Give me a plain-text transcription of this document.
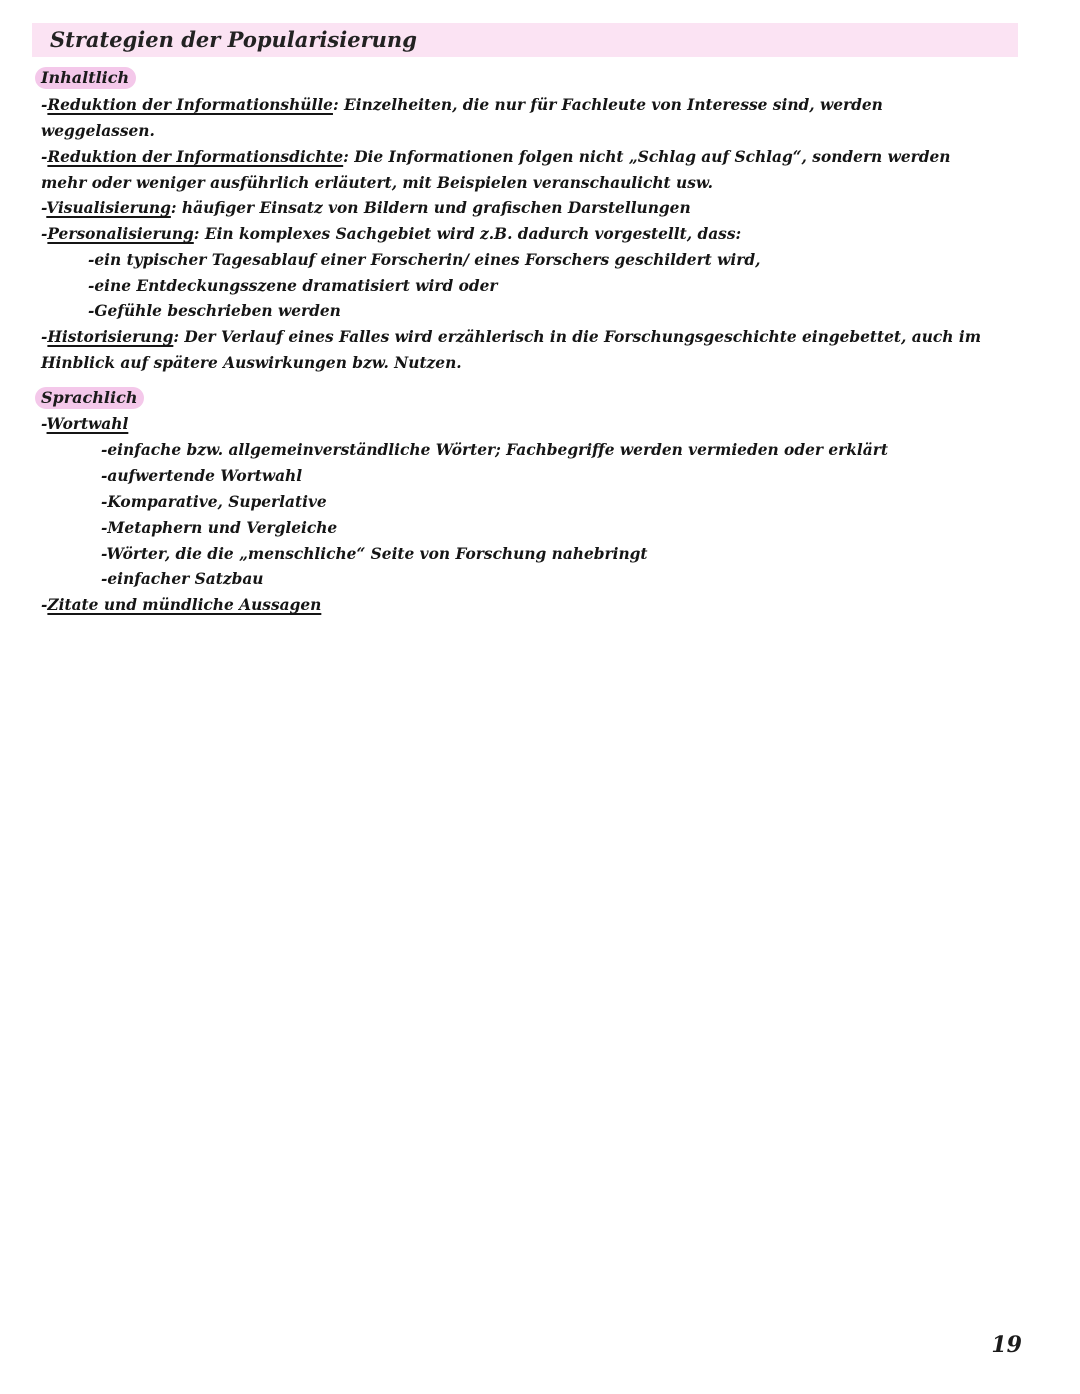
Strategien der Popularisierung
Inhaltlich
-Reduktion der Informationshülle: Einzelheiten, die nur für Fachleute von Interesse sind, werden
weggelassen.
-Reduktion der Informationsdichte: Die Informationen folgen nicht „Schlag auf Schlag“, sondern werden
mehr oder weniger ausführlich erläutert, mit Beispielen veranschaulicht usw.
-Visualisierung: häufiger Einsatz von Bildern und grafischen Darstellungen
-Personalisierung: Ein komplexes Sachgebiet wird z.B. dadurch vorgestellt, dass:
-ein typischer Tagesablauf einer Forscherin/ eines Forschers geschildert wird,
-eine Entdeckungsszene dramatisiert wird oder
-Gefühle beschrieben werden
-Historisierung: Der Verlauf eines Falles wird erzählerisch in die Forschungsgeschichte eingebettet, auch im
Hinblick auf spätere Auswirkungen bzw. Nutzen.
Sprachlich
-Wortwahl
-einfache bzw. allgemeinverständliche Wörter; Fachbegriffe werden vermieden oder erklärt
-aufwertende Wortwahl
-Komparative, Superlative
-Metaphern und Vergleiche
-Wörter, die die „menschliche“ Seite von Forschung nahebringt
-einfacher Satzbau
-Zitate und mündliche Aussagen
19
